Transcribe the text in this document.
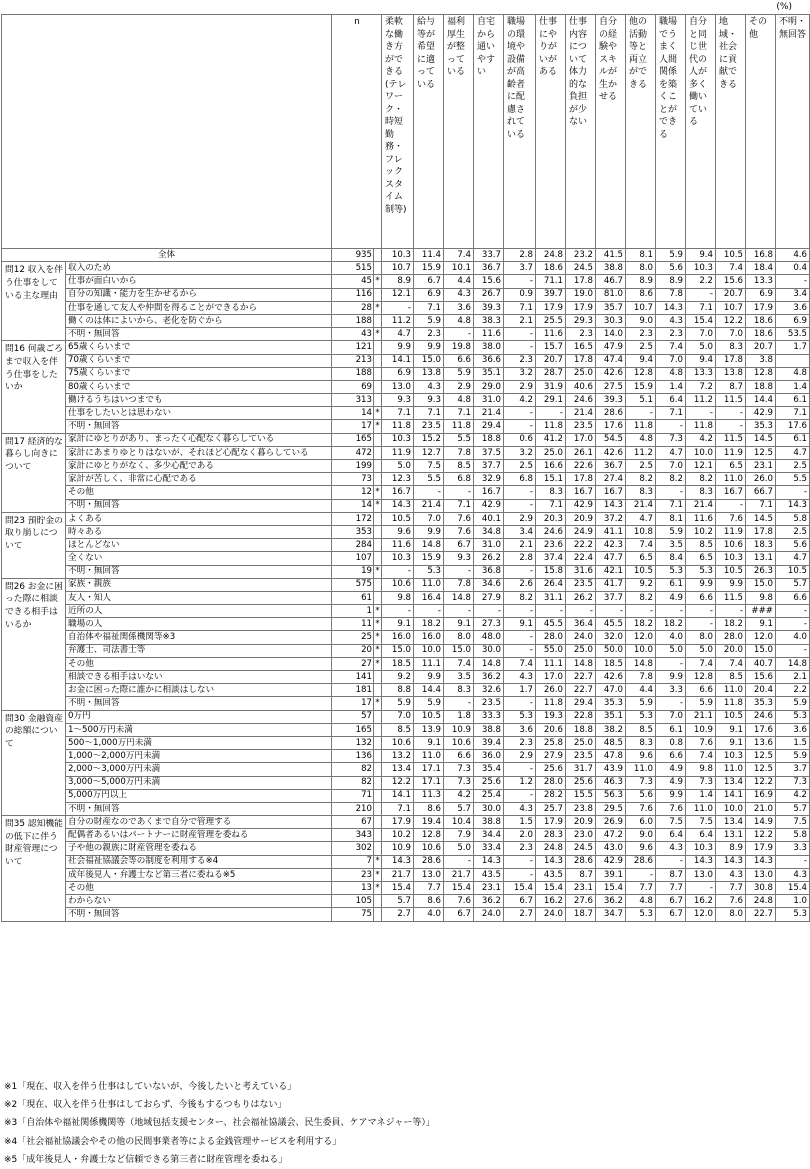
(%)
		n		柔軟な働き方ができる(テレワーク・時短勤務・フレックスタイム制等)	給与等が希望に適っている	福利厚生が整っている	自宅から通いやすい	職場の環境や設備が高齢者に配慮されている	仕事にやりがいがある	仕事内容について体力的な負担が少ない	自分の経験やスキルが生かせる	他の活動等と両立ができる	職場でうまく人間関係を築くことができる	自分と同じ世代の人が多く働いている	地域・社会に貢献できる	その他	不明・無回答

全体		935		10.3	11.4	7.4	33.7	2.8	24.8	23.2	41.5	8.1	5.9	9.4	10.5	16.8	4.6
問12 収入を伴う仕事をしている主な理由	収入のため	515		10.7	15.9	10.1	36.7	3.7	18.6	24.5	38.8	8.0	5.6	10.3	7.4	18.4	0.4
	仕事が面白いから	45	*	8.9	6.7	4.4	15.6	-	71.1	17.8	46.7	8.9	8.9	2.2	15.6	13.3	-
	自分の知識・能力を生かせるから	116		12.1	6.9	4.3	26.7	0.9	39.7	19.0	81.0	8.6	7.8	-	20.7	6.9	3.4
	仕事を通して友人や仲間を得ることができるから	28	*	-	7.1	3.6	39.3	7.1	17.9	17.9	35.7	10.7	14.3	7.1	10.7	17.9	3.6
	働くのは体によいから、老化を防ぐから	188		11.2	5.9	4.8	38.3	2.1	25.5	29.3	30.3	9.0	4.3	15.4	12.2	18.6	6.9
	不明・無回答	43	*	4.7	2.3	-	11.6	-	11.6	2.3	14.0	2.3	2.3	7.0	7.0	18.6	53.5
問16 何歳ごろまで収入を伴う仕事をしたいか	65歳くらいまで	121		9.9	9.9	19.8	38.0	-	15.7	16.5	47.9	2.5	7.4	5.0	8.3	20.7	1.7
	70歳くらいまで	213		14.1	15.0	6.6	36.6	2.3	20.7	17.8	47.4	9.4	7.0	9.4	17.8	3.8	
	75歳くらいまで	188		6.9	13.8	5.9	35.1	3.2	28.7	25.0	42.6	12.8	4.8	13.3	13.8	12.8	4.8
	80歳くらいまで	69		13.0	4.3	2.9	29.0	2.9	31.9	40.6	27.5	15.9	1.4	7.2	8.7	18.8	1.4
	働けるうちはいつまでも	313		9.3	9.3	4.8	31.0	4.2	29.1	24.6	39.3	5.1	6.4	11.2	11.5	14.4	6.1
	仕事をしたいとは思わない	14	*	7.1	7.1	7.1	21.4	-	-	21.4	28.6	-	7.1	-	-	42.9	7.1
	不明・無回答	17	*	11.8	23.5	11.8	29.4	-	11.8	23.5	17.6	11.8	-	11.8	-	35.3	17.6
問17 経済的な暮らし向きについて	家計にゆとりがあり、まったく心配なく暮らしている	165		10.3	15.2	5.5	18.8	0.6	41.2	17.0	54.5	4.8	7.3	4.2	11.5	14.5	6.1
	家計にあまりゆとりはないが、それほど心配なく暮らしている	472		11.9	12.7	7.8	37.5	3.2	25.0	26.1	42.6	11.2	4.7	10.0	11.9	12.5	4.7
	家計にゆとりがなく、多少心配である	199		5.0	7.5	8.5	37.7	2.5	16.6	22.6	36.7	2.5	7.0	12.1	6.5	23.1	2.5
	家計が苦しく、非常に心配である	73		12.3	5.5	6.8	32.9	6.8	15.1	17.8	27.4	8.2	8.2	8.2	11.0	26.0	5.5
	その他	12	*	16.7	-	-	16.7	-	8.3	16.7	16.7	8.3	-	8.3	16.7	66.7	-
	不明・無回答	14	*	14.3	21.4	7.1	42.9	-	7.1	42.9	14.3	21.4	7.1	21.4	-	7.1	14.3
問23 預貯金の取り崩しについて	よくある	172		10.5	7.0	7.6	40.1	2.9	20.3	20.9	37.2	4.7	8.1	11.6	7.6	14.5	5.8
	時々ある	353		9.6	9.9	7.6	34.8	3.4	24.6	24.9	41.1	10.8	5.9	10.2	11.9	17.8	2.5
	ほとんどない	284		11.6	14.8	6.7	31.0	2.1	23.6	22.2	42.3	7.4	3.5	8.5	10.6	18.3	5.6
	全くない	107		10.3	15.9	9.3	26.2	2.8	37.4	22.4	47.7	6.5	8.4	6.5	10.3	13.1	4.7
	不明・無回答	19	*	-	5.3	-	36.8	-	15.8	31.6	42.1	10.5	5.3	5.3	10.5	26.3	10.5
問26 お金に困った際に相談できる相手はいるか	家族・親族	575		10.6	11.0	7.8	34.6	2.6	26.4	23.5	41.7	9.2	6.1	9.9	9.9	15.0	5.7
	友人・知人	61		9.8	16.4	14.8	27.9	8.2	31.1	26.2	37.7	8.2	4.9	6.6	11.5	9.8	6.6
	近所の人	1	*	-	-	-	-	-	-	-	-	-	-	-	-	###	-
	職場の人	11	*	9.1	18.2	9.1	27.3	9.1	45.5	36.4	45.5	18.2	18.2	-	18.2	9.1	-
	自治体や福祉関係機関等※3	25	*	16.0	16.0	8.0	48.0	-	28.0	24.0	32.0	12.0	4.0	8.0	28.0	12.0	4.0
	弁護士、司法書士等	20	*	15.0	10.0	15.0	30.0	-	55.0	25.0	50.0	10.0	5.0	5.0	20.0	15.0	-
	その他	27	*	18.5	11.1	7.4	14.8	7.4	11.1	14.8	18.5	14.8	-	7.4	7.4	40.7	14.8
	相談できる相手はいない	141		9.2	9.9	3.5	36.2	4.3	17.0	22.7	42.6	7.8	9.9	12.8	8.5	15.6	2.1
	お金に困った際に誰かに相談はしない	181		8.8	14.4	8.3	32.6	1.7	26.0	22.7	47.0	4.4	3.3	6.6	11.0	20.4	2.2
	不明・無回答	17	*	5.9	5.9	-	23.5	-	11.8	29.4	35.3	5.9	-	5.9	11.8	35.3	5.9
問30 金融資産の総額について	0万円	57		7.0	10.5	1.8	33.3	5.3	19.3	22.8	35.1	5.3	7.0	21.1	10.5	24.6	5.3
	1～500万円未満	165		8.5	13.9	10.9	38.8	3.6	20.6	18.8	38.2	8.5	6.1	10.9	9.1	17.6	3.6
	500～1,000万円未満	132		10.6	9.1	10.6	39.4	2.3	25.8	25.0	48.5	8.3	0.8	7.6	9.1	13.6	1.5
	1,000～2,000万円未満	136		13.2	11.0	6.6	36.0	2.9	27.9	23.5	47.8	9.6	6.6	7.4	10.3	12.5	5.9
	2,000～3,000万円未満	82		13.4	17.1	7.3	35.4	-	25.6	31.7	43.9	11.0	4.9	9.8	11.0	12.5	3.7
	3,000～5,000万円未満	82		12.2	17.1	7.3	25.6	1.2	28.0	25.6	46.3	7.3	4.9	7.3	13.4	12.2	7.3
	5,000万円以上	71		14.1	11.3	4.2	25.4	-	28.2	15.5	56.3	5.6	9.9	1.4	14.1	16.9	4.2
	不明・無回答	210		7.1	8.6	5.7	30.0	4.3	25.7	23.8	29.5	7.6	7.6	11.0	10.0	21.0	5.7
問35 認知機能の低下に伴う財産管理について	自分の財産なのであくまで自分で管理する	67		17.9	19.4	10.4	38.8	1.5	17.9	20.9	26.9	6.0	7.5	7.5	13.4	14.9	7.5
	配偶者あるいはパートナーに財産管理を委ねる	343		10.2	12.8	7.9	34.4	2.0	28.3	23.0	47.2	9.0	6.4	6.4	13.1	12.2	5.8
	子や他の親族に財産管理を委ねる	302		10.9	10.6	5.0	33.4	2.3	24.8	24.5	43.0	9.6	4.3	10.3	8.9	17.9	3.3
	社会福祉協議会等の制度を利用する※4	7	*	14.3	28.6	-	14.3	-	14.3	28.6	42.9	28.6	-	14.3	14.3	14.3	-
	成年後見人・弁護士など第三者に委ねる※5	23	*	21.7	13.0	21.7	43.5	-	43.5	8.7	39.1	-	8.7	13.0	4.3	13.0	4.3
	その他	13	*	15.4	7.7	15.4	23.1	15.4	15.4	23.1	15.4	7.7	7.7	-	7.7	30.8	15.4
	わからない	105		5.7	8.6	7.6	36.2	6.7	16.2	27.6	36.2	4.8	6.7	16.2	7.6	24.8	1.0
	不明・無回答	75		2.7	4.0	6.7	24.0	2.7	24.0	18.7	34.7	5.3	6.7	12.0	8.0	22.7	5.3
※1「現在、収入を伴う仕事はしていないが、今後したいと考えている」
※2「現在、収入を伴う仕事はしておらず、今後もするつもりはない」
※3「自治体や福祉関係機関等（地域包括支援センター、社会福祉協議会、民生委員、ケアマネジャー等）」
※4「社会福祉協議会やその他の民間事業者等による金銭管理サービスを利用する」
※5「成年後見人・弁護士など信頼できる第三者に財産管理を委ねる」
